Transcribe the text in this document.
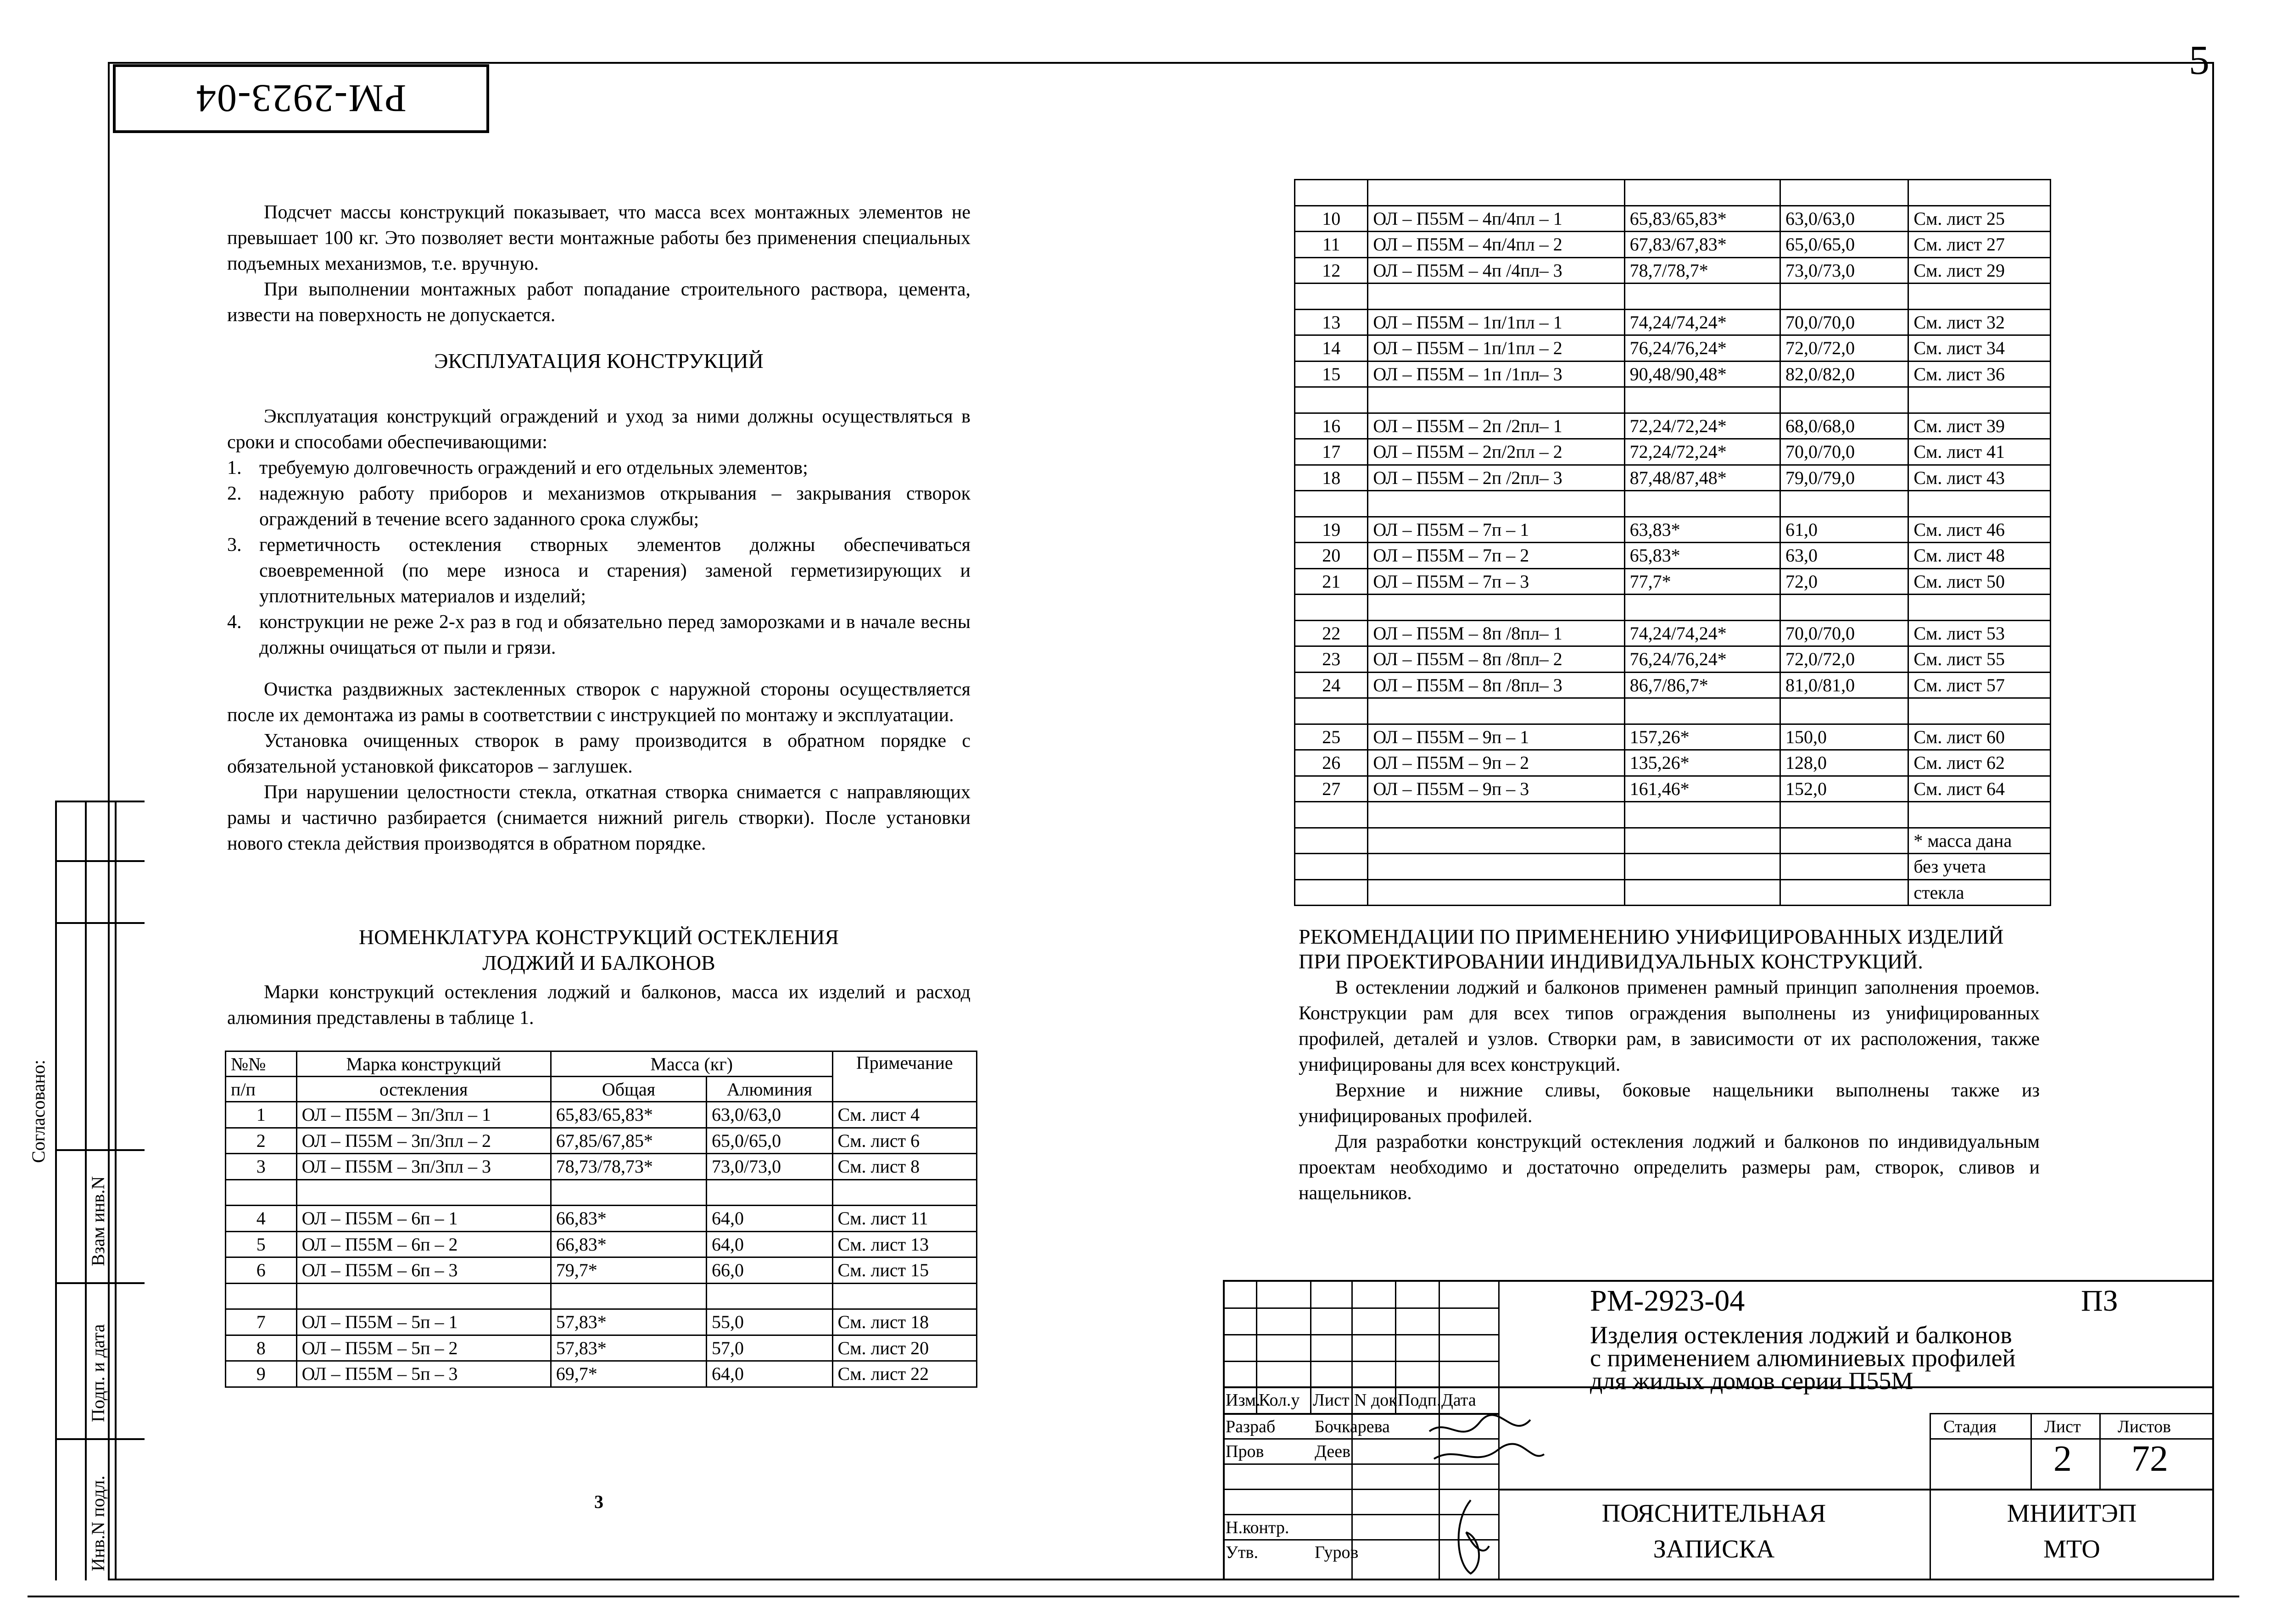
РМ-2923-04
5
Согласовано:
Взам инв.N
Подп. и дата
Инв.N подл.

Подсчет массы конструкций показывает, что масса всех монтажных элементов не превышает 100 кг. Это позволяет вести монтажные работы без применения специальных подъемных механизмов, т.е. вручную.

При выполнении монтажных работ попадание строительного раствора, цемента, извести на поверхность не допускается.

ЭКСПЛУАТАЦИЯ КОНСТРУКЦИЙ

Эксплуатация конструкций ограждений и уход за ними должны осуществляться в сроки и способами обеспечивающими:

1. требуемую долговечность ограждений и его отдельных элементов;
2. надежную работу приборов и механизмов открывания – закрывания створок ограждений в течение всего заданного срока службы;
3. герметичность остекления створных элементов должны обеспечиваться своевременной (по мере износа и старения) заменой герметизирующих и уплотнительных материалов и изделий;
4. конструкции не реже 2-х раз в год и обязательно перед заморозками и в начале весны должны очищаться от пыли и грязи.

Очистка раздвижных застекленных створок с наружной стороны осуществляется после их демонтажа из рамы в соответствии с инструкцией по монтажу и эксплуатации.

Установка очищенных створок в раму производится в обратном порядке с обязательной установкой фиксаторов – заглушек.

При нарушении целостности стекла, откатная створка снимается с направляющих рамы и частично разбирается (снимается нижний ригель створки). После установки нового стекла действия производятся в обратном порядке.

НОМЕНКЛАТУРА КОНСТРУКЦИЙ ОСТЕКЛЕНИЯ
ЛОДЖИЙ И БАЛКОНОВ

Марки конструкций остекления лоджий и балконов, масса их изделий и расход алюминия представлены в таблице 1.

№№	Марка конструкций	Масса (кг)		Примечание
п/п	остекления	Общая	Алюминия	
1	ОЛ – П55М – 3п/3пл – 1	65,83/65,83*	63,0/63,0	См. лист 4
2	ОЛ – П55М – 3п/3пл – 2	67,85/67,85*	65,0/65,0	См. лист 6
3	ОЛ – П55М – 3п/3пл – 3	78,73/78,73*	73,0/73,0	См. лист 8

4	ОЛ – П55М – 6п – 1	66,83*	64,0	См. лист 11
5	ОЛ – П55М – 6п – 2	66,83*	64,0	См. лист 13
6	ОЛ – П55М – 6п – 3	79,7*	66,0	См. лист 15

7	ОЛ – П55М – 5п – 1	57,83*	55,0	См. лист 18
8	ОЛ – П55М – 5п – 2	57,83*	57,0	См. лист 20
9	ОЛ – П55М – 5п – 3	69,7*	64,0	См. лист 22
3

10	ОЛ – П55М – 4п/4пл – 1	65,83/65,83*	63,0/63,0	См. лист 25
11	ОЛ – П55М – 4п/4пл – 2	67,83/67,83*	65,0/65,0	См. лист 27
12	ОЛ – П55М – 4п /4пл– 3	78,7/78,7*	73,0/73,0	См. лист 29

13	ОЛ – П55М – 1п/1пл – 1	74,24/74,24*	70,0/70,0	См. лист 32
14	ОЛ – П55М – 1п/1пл – 2	76,24/76,24*	72,0/72,0	См. лист 34
15	ОЛ – П55М – 1п /1пл– 3	90,48/90,48*	82,0/82,0	См. лист 36

16	ОЛ – П55М – 2п /2пл– 1	72,24/72,24*	68,0/68,0	См. лист 39
17	ОЛ – П55М – 2п/2пл – 2	72,24/72,24*	70,0/70,0	См. лист 41
18	ОЛ – П55М – 2п /2пл– 3	87,48/87,48*	79,0/79,0	См. лист 43

19	ОЛ – П55М – 7п – 1	63,83*	61,0	См. лист 46
20	ОЛ – П55М – 7п – 2	65,83*	63,0	См. лист 48
21	ОЛ – П55М – 7п – 3	77,7*	72,0	См. лист 50

22	ОЛ – П55М – 8п /8пл– 1	74,24/74,24*	70,0/70,0	См. лист 53
23	ОЛ – П55М – 8п /8пл– 2	76,24/76,24*	72,0/72,0	См. лист 55
24	ОЛ – П55М – 8п /8пл– 3	86,7/86,7*	81,0/81,0	См. лист 57

25	ОЛ – П55М – 9п – 1	157,26*	150,0	См. лист 60
26	ОЛ – П55М – 9п – 2	135,26*	128,0	См. лист 62
27	ОЛ – П55М – 9п – 3	161,46*	152,0	См. лист 64

				* масса дана
				без учета
				стекла
РЕКОМЕНДАЦИИ ПО ПРИМЕНЕНИЮ УНИФИЦИРОВАННЫХ ИЗДЕЛИЙ
ПРИ ПРОЕКТИРОВАНИИ ИНДИВИДУАЛЬНЫХ КОНСТРУКЦИЙ.

В остеклении лоджий и балконов применен рамный принцип заполнения проемов. Конструкции рам для всех типов ограждения выполнены из унифицированных профилей, деталей и узлов. Створки рам, в зависимости от их расположения, также унифицированы для всех конструкций.

Верхние и нижние сливы, боковые нащельники выполнены также из унифицированых профилей.

Для разработки конструкций остекления лоджий и балконов по индивидуальным проектам необходимо и достаточно определить размеры рам, створок, сливов и нащельников.

РМ-2923-04	ПЗ
Изделия остекления лоджий и балконов
с применением алюминиевых профилей
для жилых домов серии П55М
Изм.
Кол.у Лист N док Подп. Дата
Разраб Бочкарева
Пров	Деев
Н.контр.
Утв.	Гуров
Стадия	Лист Листов
2 72
ПОЯСНИТЕЛЬНАЯ
ЗАПИСКА
МНИИТЭП
МТО
